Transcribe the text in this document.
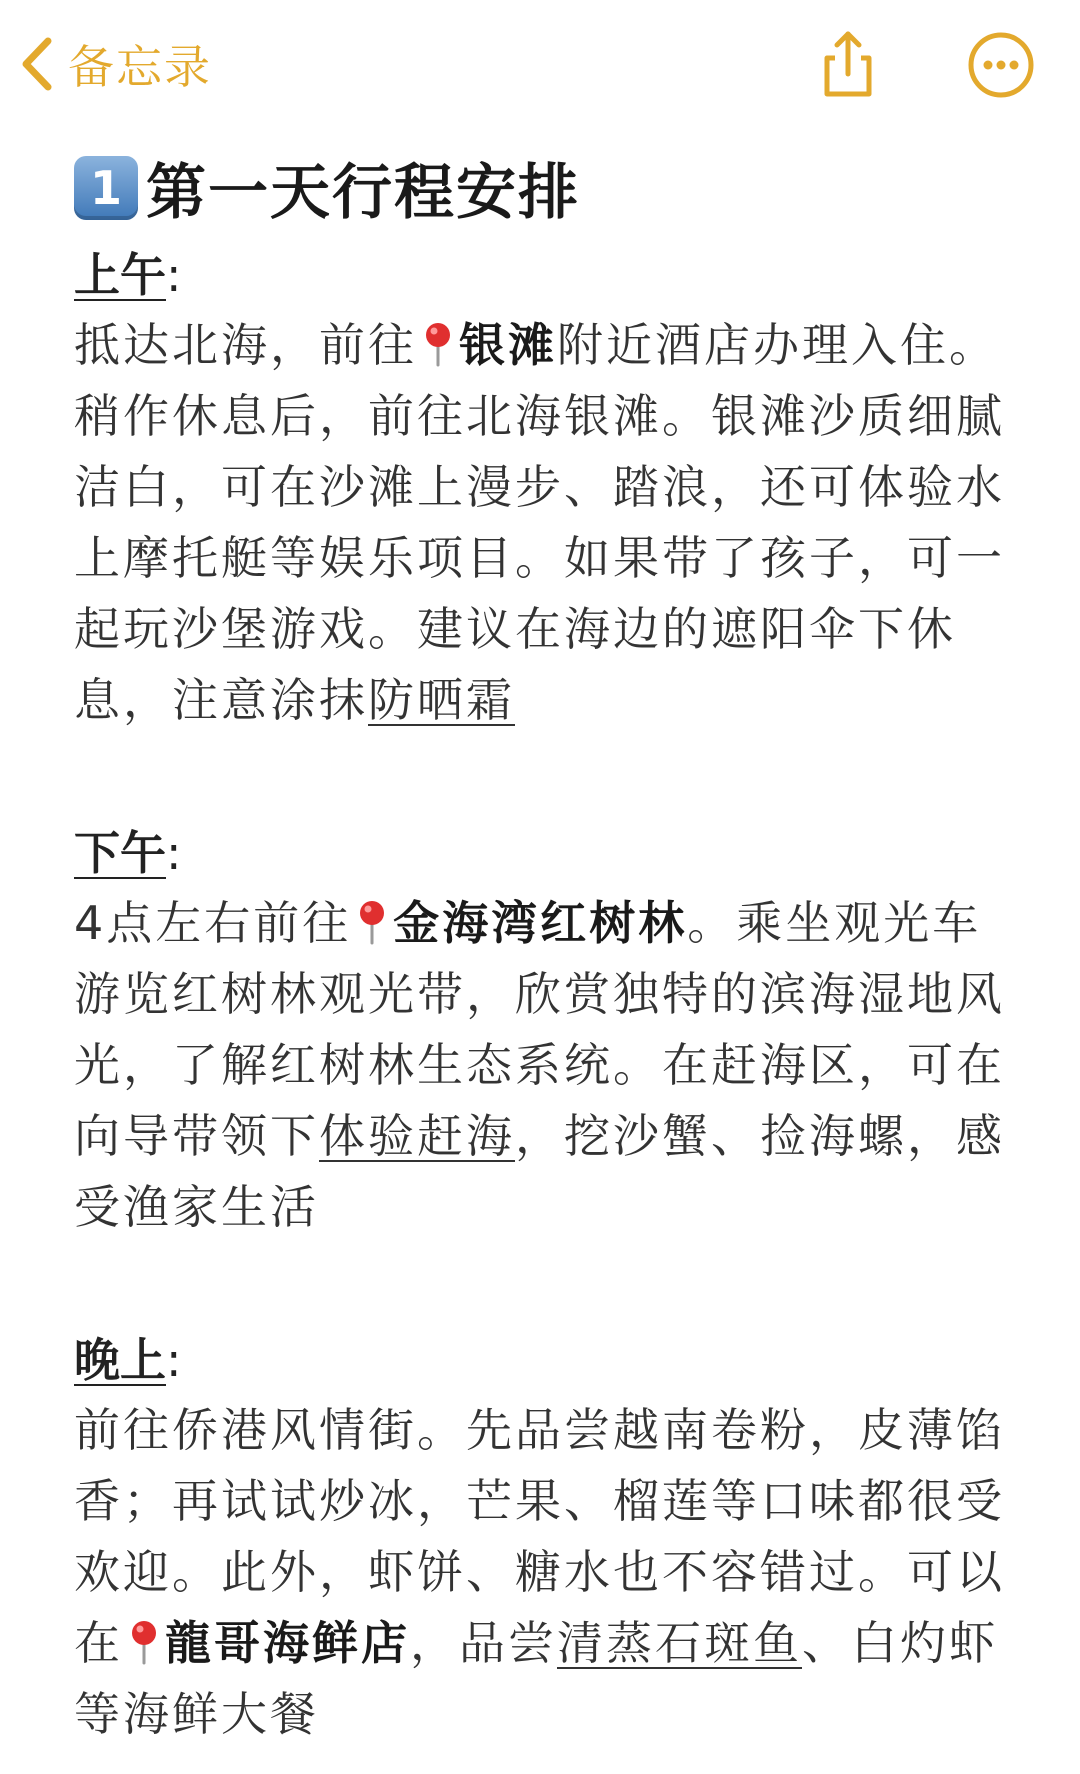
备忘录
1 第一天行程安排
上午:
抵达北海，前往 银滩附近酒店办理入住。稍作休息后，前往北海银滩。银滩沙质细腻洁白，可在沙滩上漫步、踏浪，还可体验水上摩托艇等娱乐项目。如果带了孩子，可一起玩沙堡游戏。建议在海边的遮阳伞下休息，注意涂抹防晒霜
下午:
4点左右前往 金海湾红树林。乘坐观光车游览红树林观光带，欣赏独特的滨海湿地风光，了解红树林生态系统。在赶海区，可在向导带领下体验赶海，挖沙蟹、捡海螺，感受渔家生活
晚上:
前往侨港风情街。先品尝越南卷粉，皮薄馅香；再试试炒冰，芒果、榴莲等口味都很受欢迎。此外，虾饼、糖水也不容错过。可以在 龍哥海鲜店，品尝清蒸石斑鱼、白灼虾等海鲜大餐
